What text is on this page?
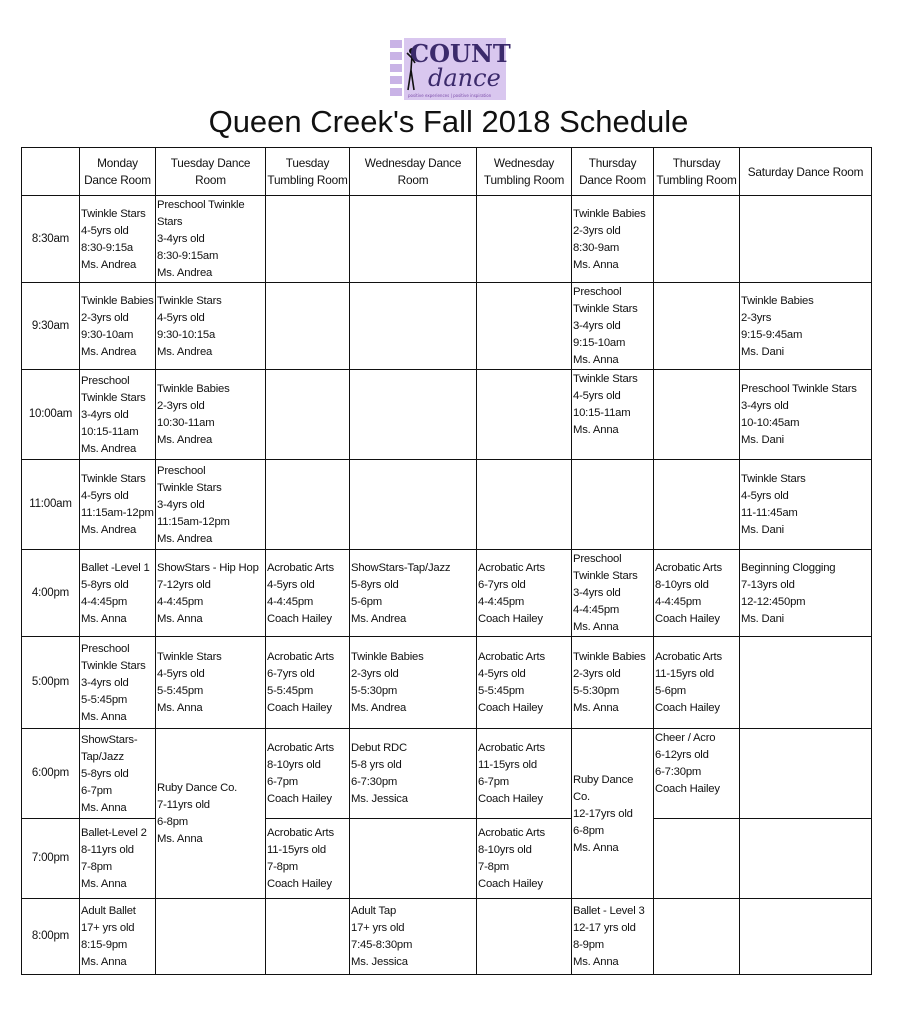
COUNT
dance
positive experiences | positive inspiration
Queen Creek's Fall 2018 Schedule
	Monday Dance Room	Tuesday Dance Room	Tuesday Tumbling Room	Wednesday Dance Room	Wednesday Tumbling Room	Thursday Dance Room	Thursday Tumbling Room	Saturday Dance Room
8:30am	Twinkle Stars
4-5yrs old
8:30-9:15a
Ms. Andrea	Preschool Twinkle
Stars
3-4yrs old
8:30-9:15am
Ms. Andrea				Twinkle Babies
2-3yrs old
8:30-9am
Ms. Anna		

9:30am	Twinkle Babies
2-3yrs old
9:30-10am
Ms. Andrea	Twinkle Stars
4-5yrs old
9:30-10:15a
Ms. Andrea				Preschool
Twinkle Stars
3-4yrs old
9:15-10am
Ms. Anna		Twinkle Babies
2-3yrs
9:15-9:45am
Ms. Dani

10:00am	Preschool
Twinkle Stars
3-4yrs old
10:15-11am
Ms. Andrea	Twinkle Babies
2-3yrs old
10:30-11am
Ms. Andrea				Twinkle Stars
4-5yrs old
10:15-11am
Ms. Anna		Preschool Twinkle Stars
3-4yrs old
10-10:45am
Ms. Dani

11:00am	Twinkle Stars
4-5yrs old
11:15am-12pm
Ms. Andrea	Preschool
Twinkle Stars
3-4yrs old
11:15am-12pm
Ms. Andrea						Twinkle Stars
4-5yrs old
11-11:45am
Ms. Dani

4:00pm	Ballet -Level 1
5-8yrs old
4-4:45pm
Ms. Anna	ShowStars - Hip Hop
7-12yrs old
4-4:45pm
Ms. Anna	Acrobatic Arts
4-5yrs old
4-4:45pm
Coach Hailey	ShowStars-Tap/Jazz
5-8yrs old
5-6pm
Ms. Andrea	Acrobatic Arts
6-7yrs old
4-4:45pm
Coach Hailey	Preschool
Twinkle Stars
3-4yrs old
4-4:45pm
Ms. Anna	Acrobatic Arts
8-10yrs old
4-4:45pm
Coach Hailey	Beginning Clogging
7-13yrs old
12-12:450pm
Ms. Dani

5:00pm	Preschool
Twinkle Stars
3-4yrs old
5-5:45pm
Ms. Anna	Twinkle Stars
4-5yrs old
5-5:45pm
Ms. Anna	Acrobatic Arts
6-7yrs old
5-5:45pm
Coach Hailey	Twinkle Babies
2-3yrs old
5-5:30pm
Ms. Andrea	Acrobatic Arts
4-5yrs old
5-5:45pm
Coach Hailey	Twinkle Babies
2-3yrs old
5-5:30pm
Ms. Anna	Acrobatic Arts
11-15yrs old
5-6pm
Coach Hailey	

6:00pm	ShowStars-
Tap/Jazz
5-8yrs old
6-7pm
Ms. Anna	Ruby Dance Co.
7-11yrs old
6-8pm
Ms. Anna	Acrobatic Arts
8-10yrs old
6-7pm
Coach Hailey	Debut RDC
5-8 yrs old
6-7:30pm
Ms. Jessica	Acrobatic Arts
11-15yrs old
6-7pm
Coach Hailey	Ruby Dance
Co.
12-17yrs old
6-8pm
Ms. Anna	Cheer / Acro
6-12yrs old
6-7:30pm
Coach Hailey	

7:00pm	Ballet-Level 2
8-11yrs old
7-8pm
Ms. Anna		Acrobatic Arts
11-15yrs old
7-8pm
Coach Hailey		Acrobatic Arts
8-10yrs old
7-8pm
Coach Hailey			

8:00pm	Adult Ballet
17+ yrs old
8:15-9pm
Ms. Anna			Adult Tap
17+ yrs old
7:45-8:30pm
Ms. Jessica		Ballet - Level 3
12-17 yrs old
8-9pm
Ms. Anna		
